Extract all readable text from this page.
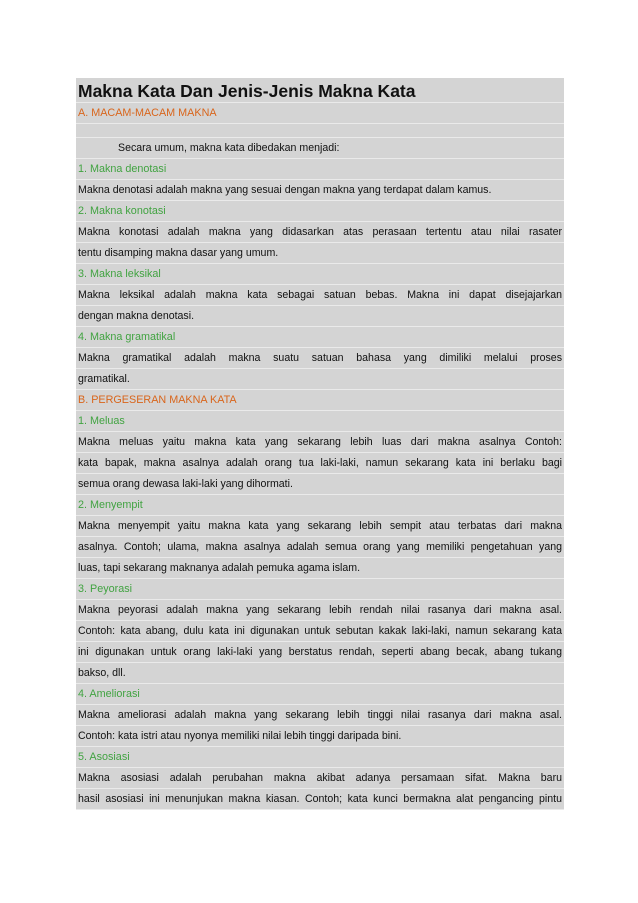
Makna Kata Dan Jenis-Jenis Makna Kata
A. MACAM-MACAM MAKNA
Secara umum, makna kata dibedakan menjadi:
1. Makna denotasi
Makna denotasi adalah makna yang sesuai dengan makna yang terdapat dalam kamus.
2. Makna konotasi
Makna konotasi adalah makna yang didasarkan atas perasaan tertentu atau nilai rasater
tentu disamping makna dasar yang umum.
3. Makna leksikal
Makna leksikal adalah makna kata sebagai satuan bebas. Makna ini dapat disejajarkan
dengan makna denotasi.
4. Makna gramatikal
Makna gramatikal adalah makna suatu satuan bahasa yang dimiliki melalui proses
gramatikal.
B. PERGESERAN MAKNA KATA
1. Meluas
Makna meluas yaitu makna kata yang sekarang lebih luas dari makna asalnya Contoh:
kata bapak, makna asalnya adalah orang tua laki-laki, namun sekarang kata ini berlaku bagi
semua orang dewasa laki-laki yang dihormati.
2. Menyempit
Makna menyempit yaitu makna kata yang sekarang lebih sempit atau terbatas dari makna
asalnya. Contoh; ulama, makna asalnya adalah semua orang yang memiliki pengetahuan yang
luas, tapi sekarang maknanya adalah pemuka agama islam.
3. Peyorasi
Makna peyorasi adalah makna yang sekarang lebih rendah nilai rasanya dari makna asal.
Contoh: kata abang, dulu kata ini digunakan untuk sebutan kakak laki-laki, namun sekarang kata
ini digunakan untuk orang laki-laki yang berstatus rendah, seperti abang becak, abang tukang
bakso, dll.
4. Ameliorasi
Makna ameliorasi adalah makna yang sekarang lebih tinggi nilai rasanya dari makna asal.
Contoh: kata istri atau nyonya memiliki nilai lebih tinggi daripada bini.
5. Asosiasi
Makna asosiasi adalah perubahan makna akibat adanya persamaan sifat. Makna baru
hasil asosiasi ini menunjukan makna kiasan. Contoh; kata kunci bermakna alat pengancing pintu
